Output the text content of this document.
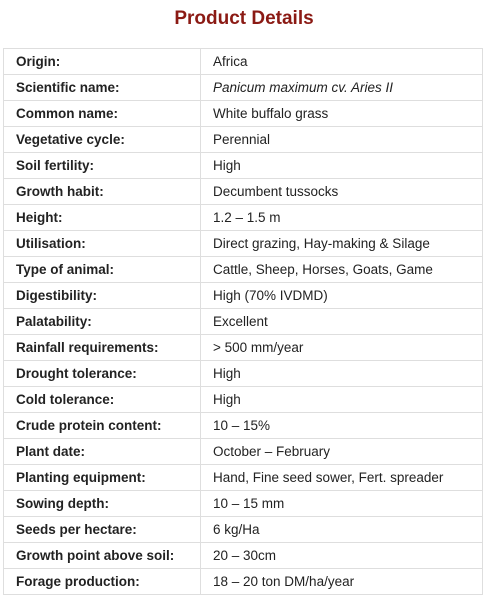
Product Details
Origin:	Africa
Scientific name:	Panicum maximum cv. Aries II
Common name:	White buffalo grass
Vegetative cycle:	Perennial
Soil fertility:	High
Growth habit:	Decumbent tussocks
Height:	1.2 – 1.5 m
Utilisation:	Direct grazing, Hay-making & Silage
Type of animal:	Cattle, Sheep, Horses, Goats, Game
Digestibility:	High (70% IVDMD)
Palatability:	Excellent
Rainfall requirements:	> 500 mm/year
Drought tolerance:	High
Cold tolerance:	High
Crude protein content:	10 – 15%
Plant date:	October – February
Planting equipment:	Hand, Fine seed sower, Fert. spreader
Sowing depth:	10 – 15 mm
Seeds per hectare:	6 kg/Ha
Growth point above soil:	20 – 30cm
Forage production:	18 – 20 ton DM/ha/year
